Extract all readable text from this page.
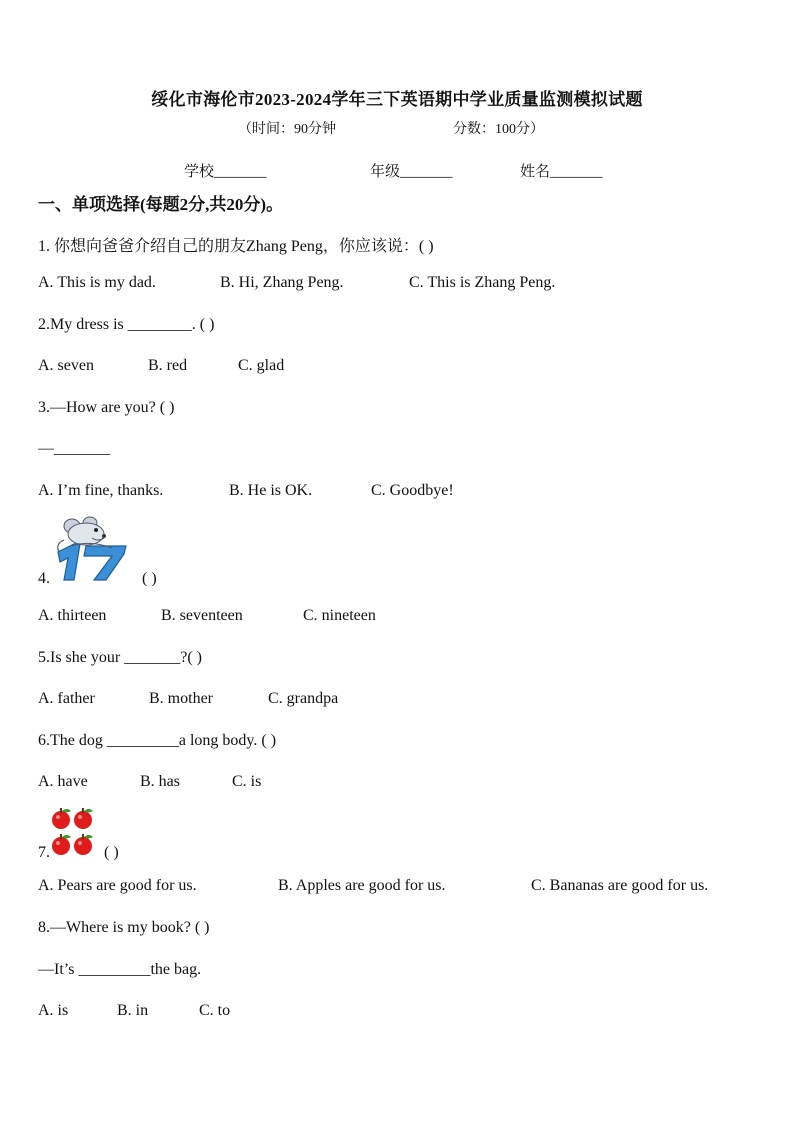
绥化市海伦市2023-2024学年三下英语期中学业质量监测模拟试题
（时间：90分钟	分数：100分）
学校_______	年级_______	姓名_______
一、单项选择(每题2分,共20分)。
1. 你想向爸爸介绍自己的朋友Zhang Peng，你应该说：( )
A. This is my dad.	B. Hi, Zhang Peng.	C. This is Zhang Peng.
2.My dress is ________. ( )
A. seven	B. red	C. glad
3.—How are you? ( )
—_______
A. I’m fine, thanks.	B. He is OK.	C. Goodbye!
4.	( )
A. thirteen	B. seventeen	C. nineteen
5.Is she your _______?( )
A. father	B. mother	C. grandpa
6.The dog _________a long body. ( )
A. have	B. has	C. is
7.	( )
A. Pears are good for us.	B. Apples are good for us.	C. Bananas are good for us.
8.—Where is my book? ( )
—It’s _________the bag.
A. is	B. in	C. to
